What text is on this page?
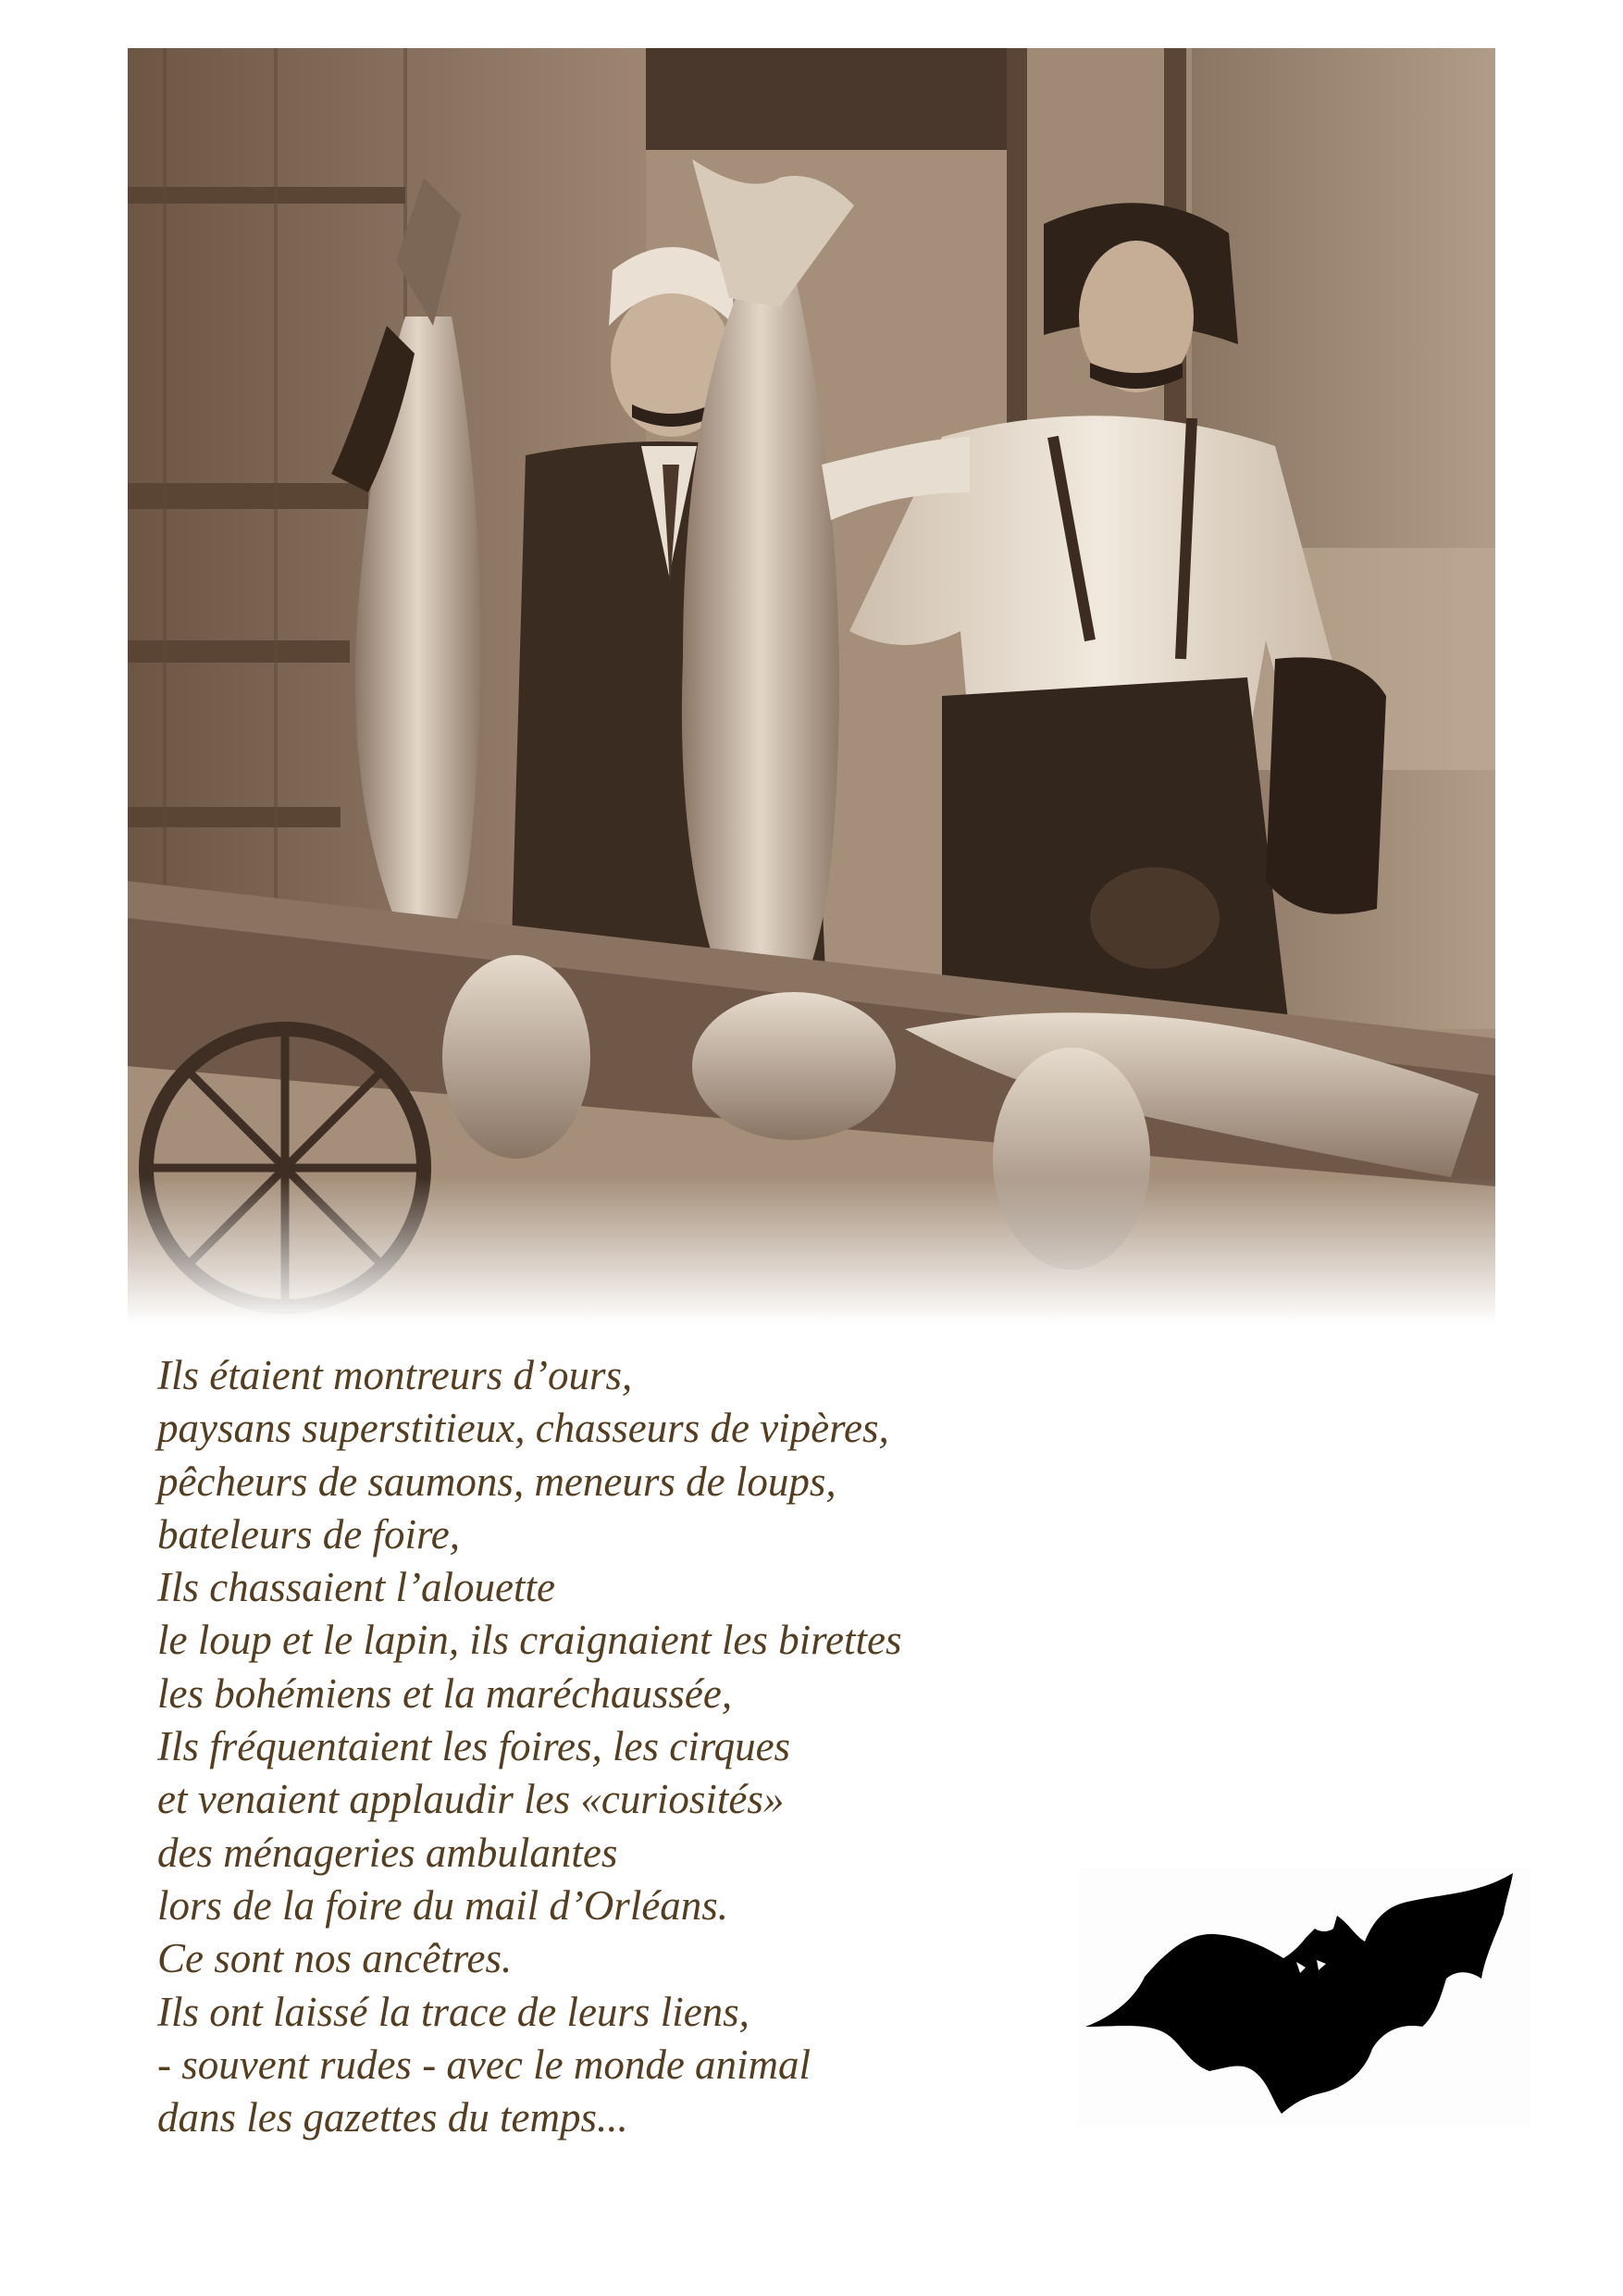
Ils étaient montreurs d’ours,
paysans superstitieux, chasseurs de vipères,
pêcheurs de saumons, meneurs de loups,
bateleurs de foire,
Ils chassaient l’alouette
le loup et le lapin, ils craignaient les birettes
les bohémiens et la maréchaussée,
Ils fréquentaient les foires, les cirques
et venaient applaudir les «curiosités»
des ménageries ambulantes
lors de la foire du mail d’Orléans.
Ce sont nos ancêtres.
Ils ont laissé la trace de leurs liens,
- souvent rudes - avec le monde animal
dans les gazettes du temps...
